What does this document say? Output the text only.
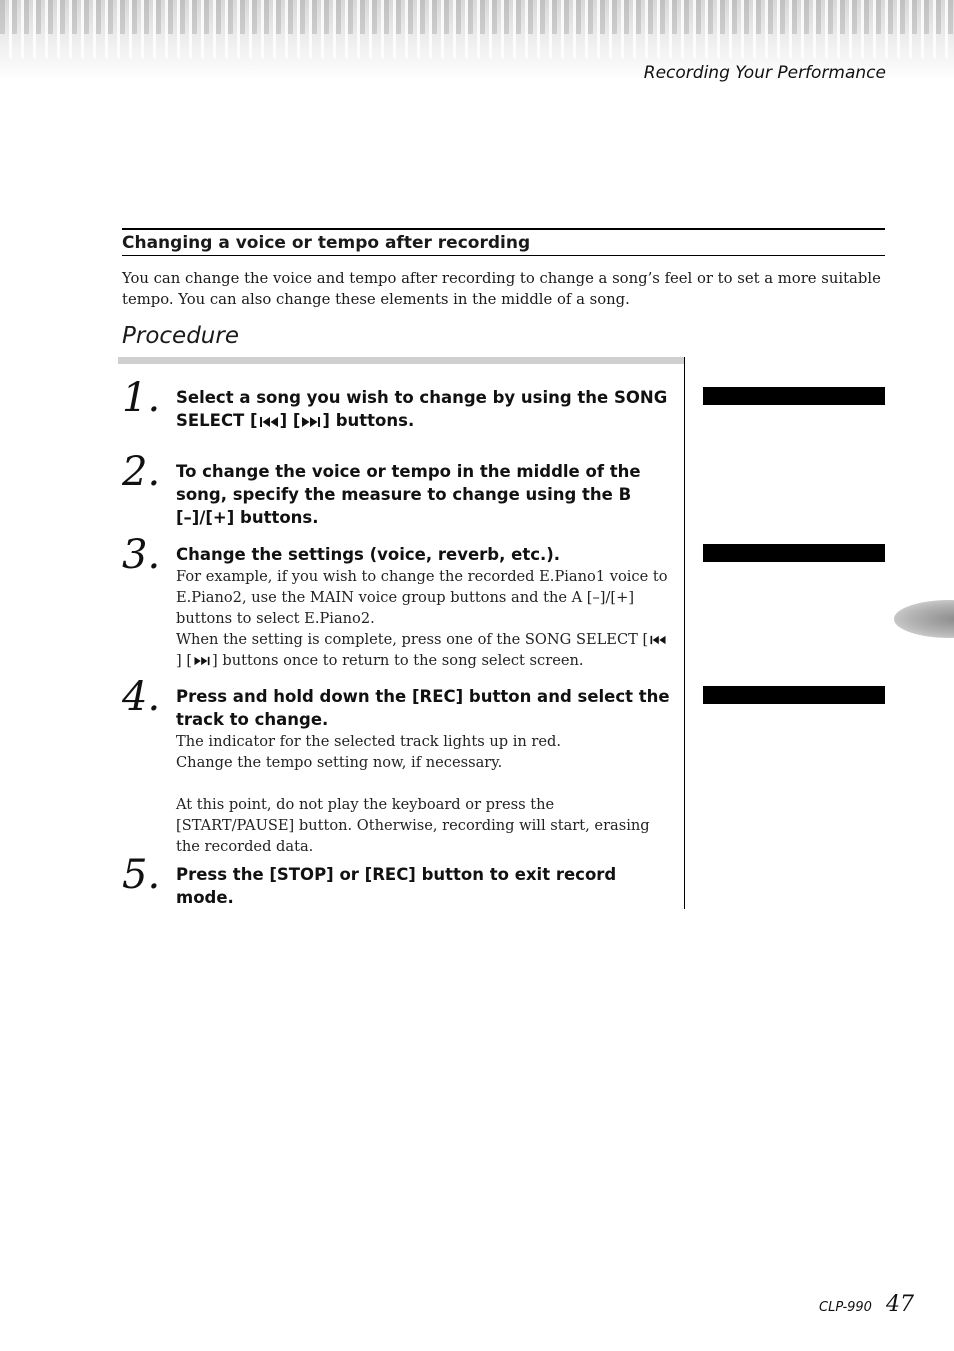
Recording Your Performance
Changing a voice or tempo after recording

You can change the voice and tempo after recording to change a song’s feel or to set a more suitable tempo. You can also change these elements in the middle of a song.

Procedure
1. Select a song you wish to change by using the SONG SELECT [ ] [ ] buttons.

2. To change the voice or tempo in the middle of the song, specify the measure to change using the B [–]/[+] buttons.

3. Change the settings (voice, reverb, etc.).

For example, if you wish to change the recorded E.Piano1 voice to E.Piano2, use the MAIN voice group buttons and the A [–]/[+] buttons to select E.Piano2.

When the setting is complete, press one of the SONG SELECT [
] [ ] buttons once to return to the song select screen.

4. Press and hold down the [REC] button and select the track to change.

The indicator for the selected track lights up in red.

Change the tempo setting now, if necessary.

At this point, do not play the keyboard or press the [START/PAUSE] button. Otherwise, recording will start, erasing the recorded data.

5. Press the [STOP] or [REC] button to exit record mode.

CLP-990 47
